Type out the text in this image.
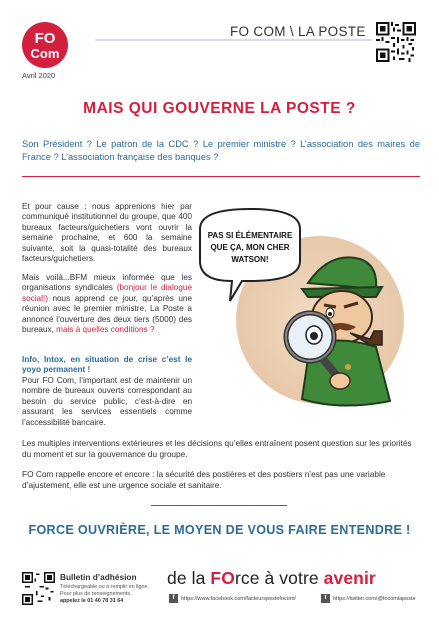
FO
Com
Avril 2020
FO COM \ LA POSTE
MAIS QUI GOUVERNE LA POSTE ?
Son Président ? Le patron de la CDC ? Le premier ministre ? L’association des maires de France ? L’association française des banques ?
Et pour cause : nous apprenions hier par communiqué institutionnel du groupe, que 400 bureaux facteurs/guichetiers vont ouvrir la semaine prochaine, et 600 la semaine suivante, soit la quasi-totalité des bureaux facteurs/guichetiers.
Mais voilà...BFM mieux informée que les organisations syndicales (bonjour le dialogue social!) nous apprend ce jour, qu’après une réunion avec le premier ministre, La Poste a annoncé l’ouverture des deux tiers (5000) des bureaux, mais à quelles conditions ?
Info, Intox, en situation de crise c’est le yoyo permanent !
Pour FO Com, l’important est de maintenir un nombre de bureaux ouverts correspondant au besoin du service public, c’est-à-dire en assurant les services essentiels comme l’accessibilité bancaire.
PAS SI ÉLÉMENTAIRE
QUE ÇA, MON CHER
WATSON!
Les multiples interventions extérieures et les décisions qu’elles entraînent posent question sur les priorités du moment et sur la gouvernance du groupe.
FO Com rappelle encore et encore : la sécurité des postières et des postiers n’est pas une variable d’ajustement, elle est une urgence sociale et sanitaire.
FORCE OUVRIÈRE, LE MOYEN DE VOUS FAIRE ENTENDRE !
Bulletin d’adhésion
Téléchargeable ou à remplir en ligne.
Pour plus de renseignements,
appelez le 01 40 78 31 64
de la FOrce à votre avenir
f https://www.facebook.com/facteurspostefocom/	t https://twitter.com/@focomlaposte
